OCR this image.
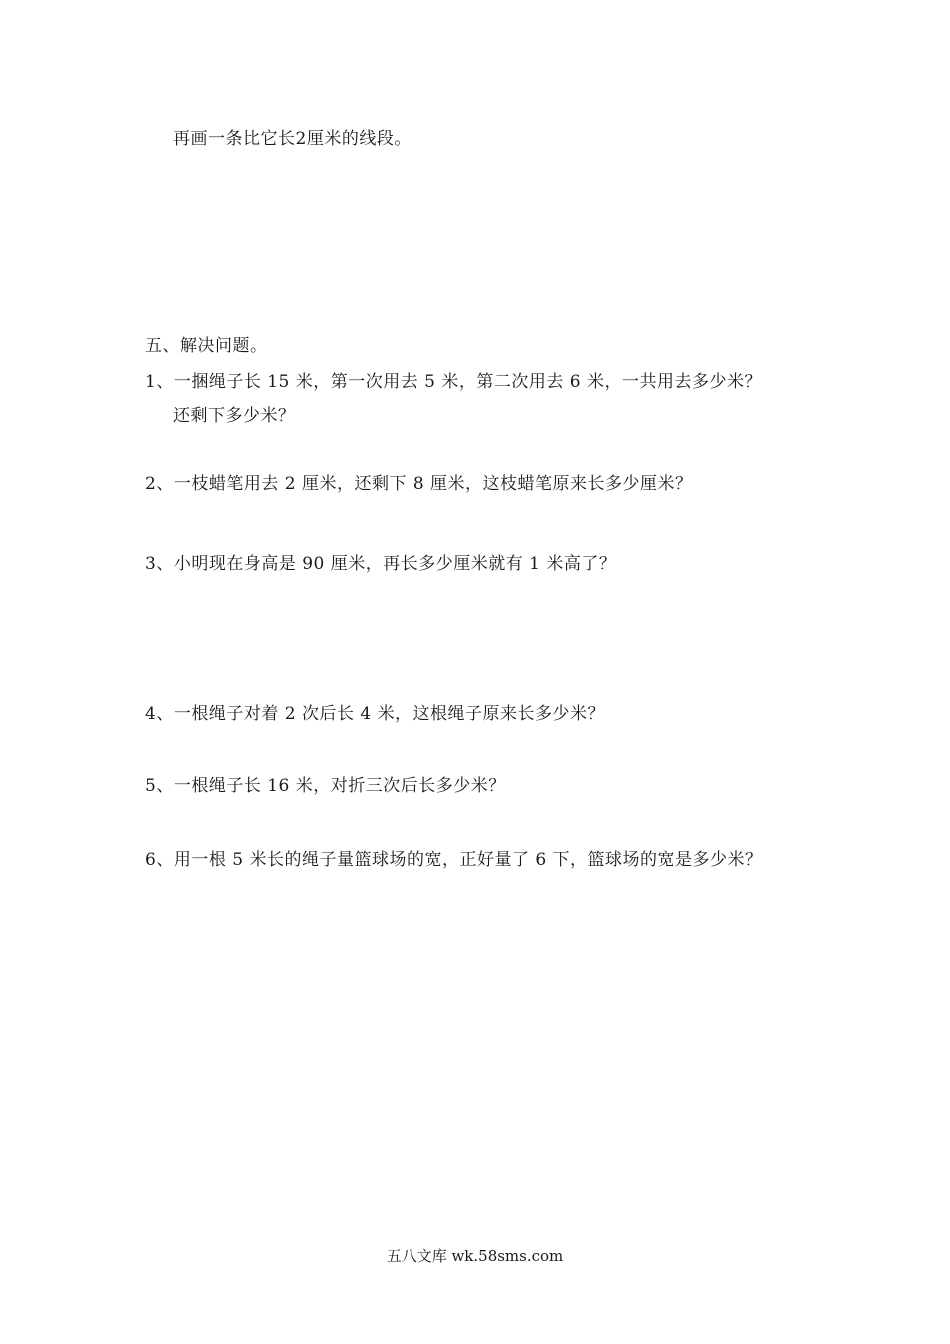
再画一条比它长2厘米的线段。
五、解决问题。
1、一捆绳子长 15 米，第一次用去 5 米，第二次用去 6 米，一共用去多少米？
还剩下多少米？
2、一枝蜡笔用去 2 厘米，还剩下 8 厘米，这枝蜡笔原来长多少厘米？
3、小明现在身高是 90 厘米，再长多少厘米就有 1 米高了？
4、一根绳子对着 2 次后长 4 米，这根绳子原来长多少米？
5、一根绳子长 16 米，对折三次后长多少米？
6、用一根 5 米长的绳子量篮球场的宽，正好量了 6 下，篮球场的宽是多少米？
五八文库 wk.58sms.com
